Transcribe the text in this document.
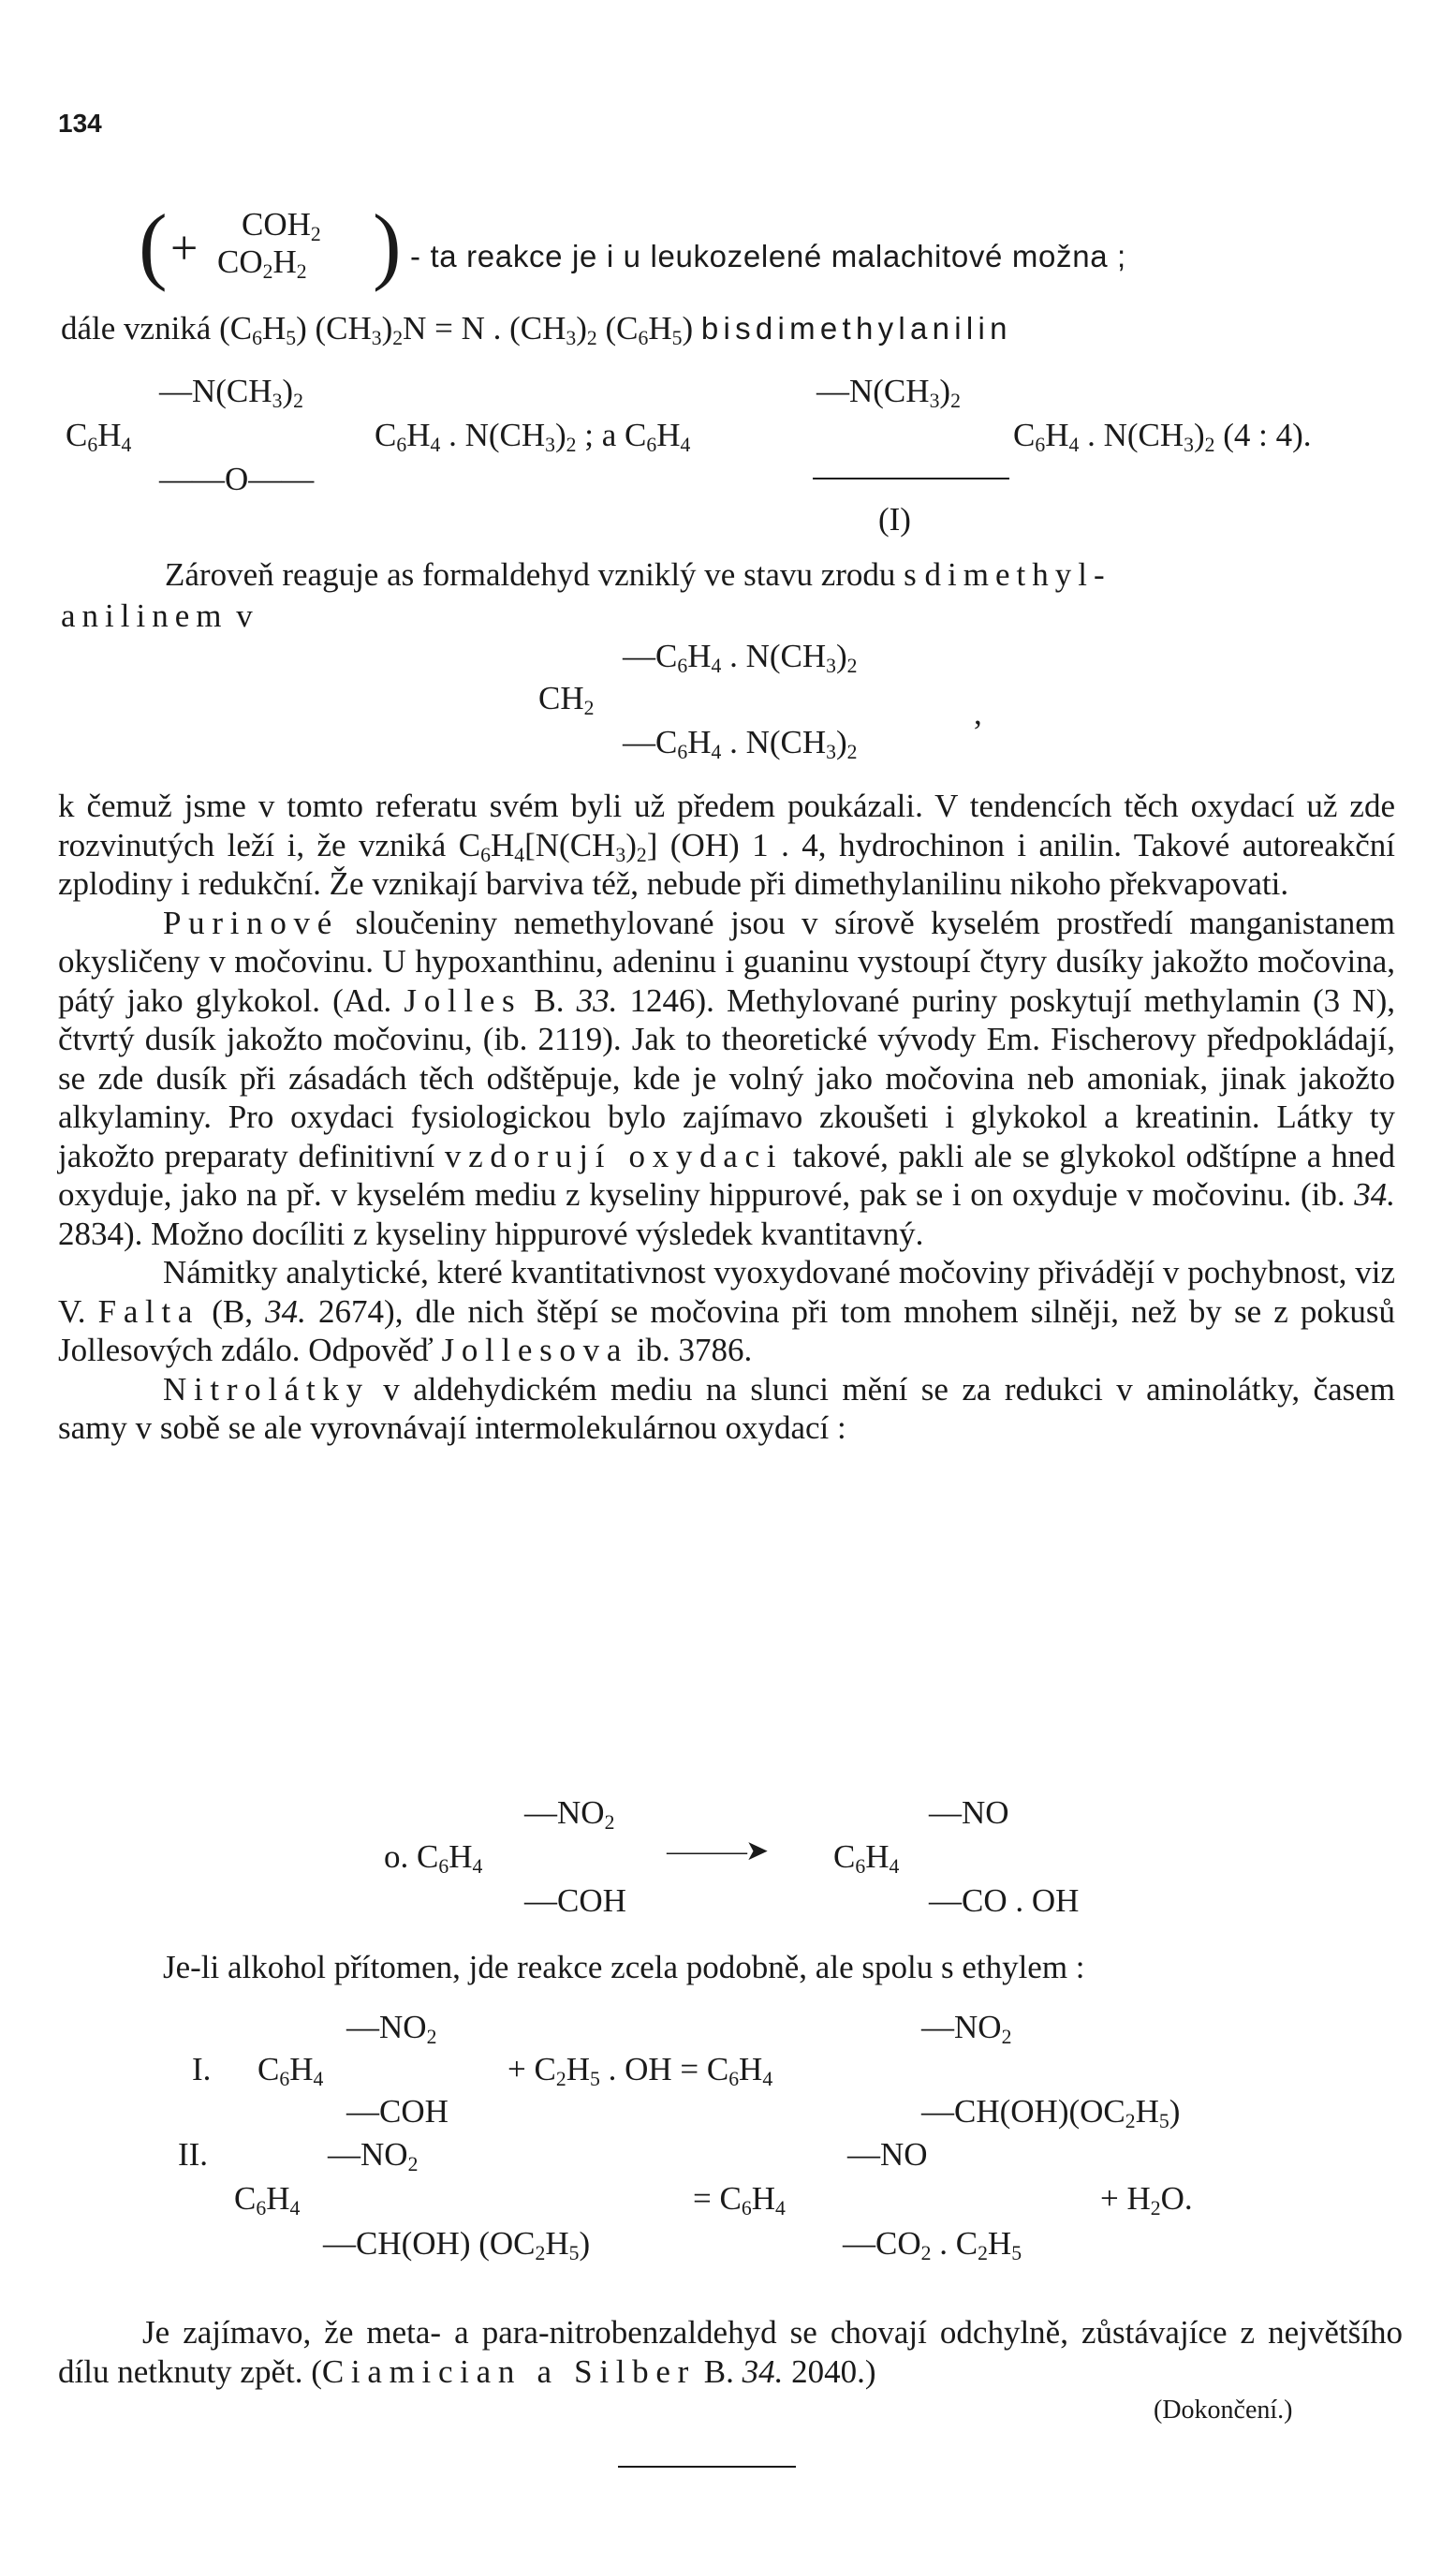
134
( + $COH_2$
$CO_2H_2$ ) - ta reakce je i u leukozelené malachitové možna ;
dále vzniká $(C_6H_5) (CH_3)_2N = N$ . $(CH_3)_2$ $(C_6H_5)$ bisdimethylanilin
$—N(CH_3)_2$
$C_6H_4$
——O——
$C_6H_4$ . $N(CH_3)_2$ ; a $C_6H_4$
$—N(CH_3)_2$
$C_6H_4$ . $N(CH_3)_2$ (4 : 4).
(I)
Zároveň reaguje as formaldehyd vzniklý ve stavu zrodu s dimethyl-
anilinem v
$—C_6H_4$ . $N(CH_3)_2$
$CH_2$	,
$—C_6H_4$ . $N(CH_3)_2$

k čemuž jsme v tomto referatu svém byli už předem poukázali. V tendencích těch oxydací už zde rozvinutých leží i, že vzniká $C_6H_4[N(CH_3)_2]$ (OH) 1 . 4, hydrochinon i anilin. Takové autoreakční zplodiny i redukční. Že vznikají barviva též, nebude při dimethylanilinu nikoho překvapovati.

Purinové sloučeniny nemethylované jsou v sírově kyselém prostředí manganistanem okysličeny v močovinu. U hypoxanthinu, adeninu i guaninu vystoupí čtyry dusíky jakožto močovina, pátý jako glykokol. (Ad. Jolles B. 33. 1246). Methylované puriny poskytují methylamin (3 N), čtvrtý dusík jakožto močovinu, (ib. 2119). Jak to theoretické vývody Em. Fischerovy předpokládají, se zde dusík při zásadách těch odštěpuje, kde je volný jako močovina neb amoniak, jinak jakožto alkylaminy. Pro oxydaci fysiologickou bylo zajímavo zkoušeti i glykokol a kreatinin. Látky ty jakožto preparaty definitivní vzdorují oxydaci takové, pakli ale se glykokol odštípne a hned oxyduje, jako na př. v kyselém mediu z kyseliny hippurové, pak se i on oxyduje v močovinu. (ib. 34. 2834). Možno docíliti z kyseliny hippurové výsledek kvantitavný.

Námitky analytické, které kvantitativnost vyoxydované močoviny přivádějí v pochybnost, viz V. Falta (B, 34. 2674), dle nich štěpí se močovina při tom mnohem silněji, než by se z pokusů Jollesových zdálo. Odpověď Jollesova ib. 3786.

Nitrolátky v aldehydickém mediu na slunci mění se za redukci v aminolátky, časem samy v sobě se ale vyrovnávají intermolekulárnou oxydací :

$—NO_2$
o. $C_6H_4$
—COH
———➤ $C_6H_4$
—NO
—CO . OH
Je-li alkohol přítomen, jde reakce zcela podobně, ale spolu s ethylem :
$—NO_2$
I. $C_6H_4$
—COH
+ $C_2H_5$ . OH = $C_6H_4$
$—NO_2$
$—CH(OH)(OC_2H_5)$
II.	$—NO_2$	—NO
$C_6H_4$	= $C_6H_4$	+ $H_2O$.
—CH(OH) $(OC_2H_5)$	$—CO_2$ . $C_2H_5$

Je zajímavo, že meta- a para-nitrobenzaldehyd se chovají odchylně, zůstávajíce z největšího dílu netknuty zpět. (Ciamician a Silber B. 34. 2040.)

(Dokončení.)
